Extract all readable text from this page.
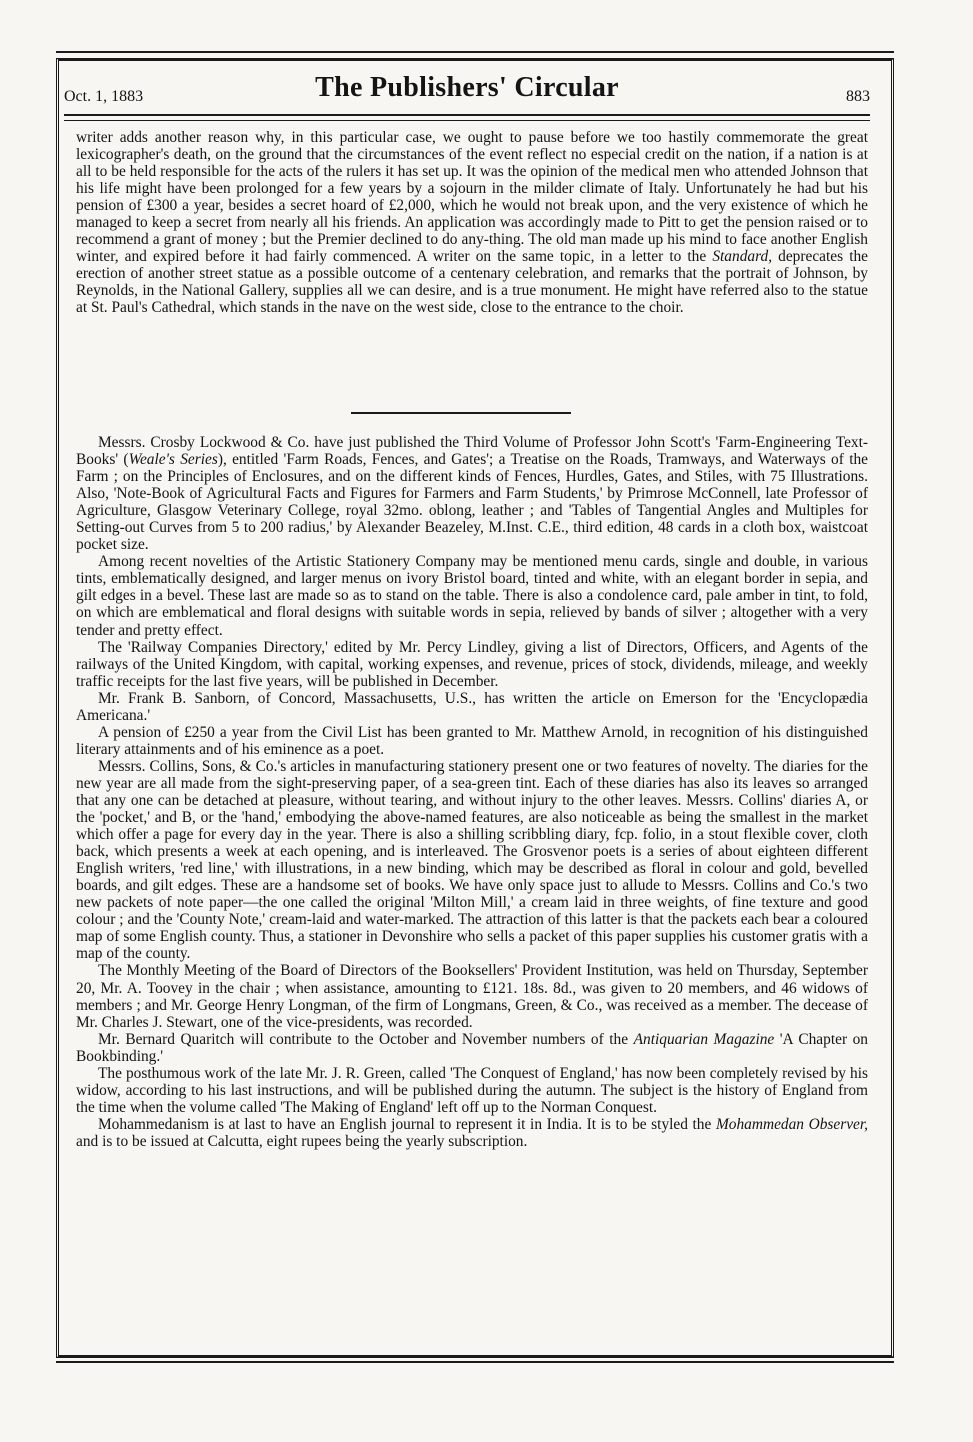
Oct. 1, 1883	The Publishers' Circular	883

writer adds another reason why, in this particular case, we ought to pause before we too hastily commemorate the great lexicographer's death, on the ground that the circumstances of the event reflect no especial credit on the nation, if a nation is at all to be held responsible for the acts of the rulers it has set up. It was the opinion of the medical men who attended Johnson that his life might have been prolonged for a few years by a sojourn in the milder climate of Italy. Unfortunately he had but his pension of £300 a year, besides a secret hoard of £2,000, which he would not break upon, and the very existence of which he managed to keep a secret from nearly all his friends. An application was accordingly made to Pitt to get the pension raised or to recommend a grant of money ; but the Premier declined to do any-thing. The old man made up his mind to face another English winter, and expired before it had fairly commenced. A writer on the same topic, in a letter to the Standard, deprecates the erection of another street statue as a possible outcome of a centenary celebration, and remarks that the portrait of Johnson, by Reynolds, in the National Gallery, supplies all we can desire, and is a true monument. He might have referred also to the statue at St. Paul's Cathedral, which stands in the nave on the west side, close to the entrance to the choir.

Messrs. Crosby Lockwood & Co. have just published the Third Volume of Professor John Scott's 'Farm-Engineering Text-Books' (Weale's Series), entitled 'Farm Roads, Fences, and Gates'; a Treatise on the Roads, Tramways, and Waterways of the Farm ; on the Principles of Enclosures, and on the different kinds of Fences, Hurdles, Gates, and Stiles, with 75 Illustrations. Also, 'Note-Book of Agricultural Facts and Figures for Farmers and Farm Students,' by Primrose McConnell, late Professor of Agriculture, Glasgow Veterinary College, royal 32mo. oblong, leather ; and 'Tables of Tangential Angles and Multiples for Setting-out Curves from 5 to 200 radius,' by Alexander Beazeley, M.Inst. C.E., third edition, 48 cards in a cloth box, waistcoat pocket size.

Among recent novelties of the Artistic Stationery Company may be mentioned menu cards, single and double, in various tints, emblematically designed, and larger menus on ivory Bristol board, tinted and white, with an elegant border in sepia, and gilt edges in a bevel. These last are made so as to stand on the table. There is also a condolence card, pale amber in tint, to fold, on which are emblematical and floral designs with suitable words in sepia, relieved by bands of silver ; altogether with a very tender and pretty effect.

The 'Railway Companies Directory,' edited by Mr. Percy Lindley, giving a list of Directors, Officers, and Agents of the railways of the United Kingdom, with capital, working expenses, and revenue, prices of stock, dividends, mileage, and weekly traffic receipts for the last five years, will be published in December.

Mr. Frank B. Sanborn, of Concord, Massachusetts, U.S., has written the article on Emerson for the 'Encyclopædia Americana.'

A pension of £250 a year from the Civil List has been granted to Mr. Matthew Arnold, in recognition of his distinguished literary attainments and of his eminence as a poet.

Messrs. Collins, Sons, & Co.'s articles in manufacturing stationery present one or two features of novelty. The diaries for the new year are all made from the sight-preserving paper, of a sea-green tint. Each of these diaries has also its leaves so arranged that any one can be detached at pleasure, without tearing, and without injury to the other leaves. Messrs. Collins' diaries A, or the 'pocket,' and B, or the 'hand,' embodying the above-named features, are also noticeable as being the smallest in the market which offer a page for every day in the year. There is also a shilling scribbling diary, fcp. folio, in a stout flexible cover, cloth back, which presents a week at each opening, and is interleaved. The Grosvenor poets is a series of about eighteen different English writers, 'red line,' with illustrations, in a new binding, which may be described as floral in colour and gold, bevelled boards, and gilt edges. These are a handsome set of books. We have only space just to allude to Messrs. Collins and Co.'s two new packets of note paper—the one called the original 'Milton Mill,' a cream laid in three weights, of fine texture and good colour ; and the 'County Note,' cream-laid and water-marked. The attraction of this latter is that the packets each bear a coloured map of some English county. Thus, a stationer in Devonshire who sells a packet of this paper supplies his customer gratis with a map of the county.

The Monthly Meeting of the Board of Directors of the Booksellers' Provident Institution, was held on Thursday, September 20, Mr. A. Toovey in the chair ; when assistance, amounting to £121. 18s. 8d., was given to 20 members, and 46 widows of members ; and Mr. George Henry Longman, of the firm of Longmans, Green, & Co., was received as a member. The decease of Mr. Charles J. Stewart, one of the vice-presidents, was recorded.

Mr. Bernard Quaritch will contribute to the October and November numbers of the Antiquarian Magazine 'A Chapter on Bookbinding.'

The posthumous work of the late Mr. J. R. Green, called 'The Conquest of England,' has now been completely revised by his widow, according to his last instructions, and will be published during the autumn. The subject is the history of England from the time when the volume called 'The Making of England' left off up to the Norman Conquest.

Mohammedanism is at last to have an English journal to represent it in India. It is to be styled the Mohammedan Observer, and is to be issued at Calcutta, eight rupees being the yearly subscription.
